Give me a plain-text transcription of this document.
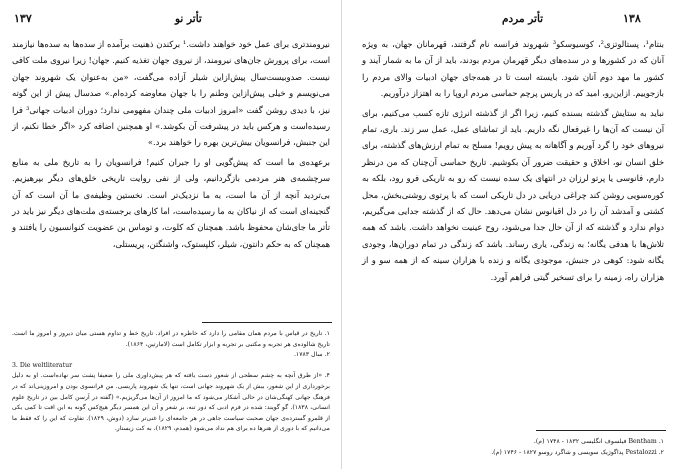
تأتر نو
۱۳۷

نیرومندتری برای عمل خود خواهند داشت.¹ برکندن ذهنیت برآمده از سده‌ها به سده‌ها نیازمند است، برای پرورش جان‌های نیرومند، از نیروی جهان تغذیه کنیم. جهان! زیرا نیروی ملت کافی نیست. صدوبیست‌سال پیش‌ازاین شیلر آزاده می‌گفت، «من به‌عنوان یک شهروند جهان می‌نویسم و خیلی پیش‌ازاین وطنم را با جهان معاوضه کرده‌ام.» صدسال پیش از این گوته نیز، با دیدی روشن گفت «امروز ادبیات ملی چندان مفهومی ندارد؛ دوران ادبیات جهانی³ فرا رسیده‌است و هرکس باید در پیشرفت آن بکوشد.» او همچنین اضافه کرد «اگر خطا نکنم، از این جنبش، فرانسویان بیش‌ترین بهره را خواهند برد.»

برعهده‌ی ما است که پیش‌گویی او را جبران کنیم! فرانسویان را به تاریخ ملی به منابع سرچشمه‌ی هنر مردمی بازگردانیم، ولی از نفی روایت تاریخی خلق‌های دیگر بپرهیزیم. بی‌تردید آنچه از آن ما است، به ما نزدیک‌تر است. نخستین وظیفه‌ی ما آن است که آن گنجینه‌ای است که از نیاکان به ما رسیده‌است، اما کارهای برجسته‌ی ملت‌های دیگر نیز باید در تأتر ما جای‌شان محفوظ باشد. همچنان که کلوت، و توماس بن عضویت کنوانسیون را یافتند و همچنان که به حکم دانتون، شیلر، کلپستوک، واشنگتن، پریستلی،

۱. تاریخ در قیاس با مردم همان مقامی را دارد که خاطره در افراد. تاریخ خط و تداوم هستی میان دیروز و امروز ما است. تاریخ شالوده‌ی هر تجربه و مکتبی بر تجربه و ابزار تکامل است (لامارتین، ۱۸۶۴).

۲. سال ۱۷۸۳.

3. Die weltliteratur

۴. «از طرق آنچه به چشم سطحی از شعور دست یافته که هر پیش‌داوری ملی را ضعیفا پشت سر نهاده‌است. او به دلیل برخورداری از این شعور، بیش از یک شهروند جهانی است، تنها یک شهروند پاریسی. من فرانسوی بودن و امروزینی‌اند که در فرهنگ جهانی کهنگی‌شان در حالی آشکار می‌شود که ما امروز از آن‌ها می‌گریزیم.» (گفته در آرسن کامل بین در تاریخ علوم انسانی، ۱۸۳۸). گو گویند: شده در فرم ادبی که دور تنه، بر شعر و آن این همسر دیگر هیچ‌کس گونه به این افت تا کمی یکی از قلمرو گسترده‌ی جهان صحبت سیاست جاهی در هر جامعه‌ای را غنی‌تر سازد (دوش، ۱۸۲۹). تفاوت که این را که فقط ما می‌دانیم که با دوری از هنرها ده برای هم نداد می‌شود (همدم، ۱۸۲۹)، به کت زیستار.

تأتر مردم	۱۳۸

بنتام¹، پستالوتزی²، کوسیوسکو³ شهروند فرانسه نام گرفتند، قهرمانان جهان، به ویژه آنان که در کشورها و در سده‌های دیگر قهرمان مردم بودند، باید از آن ما به شمار آیند و کشور ما مهد دوم آنان شود. بایسته است تا در همه‌جای جهان ادبیات والای مردم را بازجوییم. ازاین‌رو، امید که در پاریس پرچم حماسی مردم اروپا را به اهتزاز درآوریم.

نباید به ستایش گذشته بسنده کنیم، زیرا اگر از گذشته انرژی تازه کسب می‌کنیم، برای آن نیست که آن‌ها را غیرفعال نگه داریم. باید از تماشای عمل، عمل سر زند. باری، تمام نیروهای خود را گرد آوریم و آگاهانه به پیش رویم! مسلح به تمام ارزش‌های گذشته، برای خلق انسان نو، اخلاق و حقیقت ضرور آن بکوشیم. تاریخ حماسی آن‌چنان که من درنظر دارم، فانوسی یا پرتو لرزان در انتهای یک سده نیست که رو به تاریکی فرو رود، بلکه به کوره‌سویی روشن کند چراغی دریایی در دل تاریکی است که با پرتوی روشنی‌بخش، محل کشتی و آمدشد آن را در دل اقیانوس نشان می‌دهد. حال که از گذشته جدایی می‌گیریم، دوام ندارد و گذشته که از آن حال جدا می‌شود، روح عینیت نخواهد داشت. باشد که همه تلاش‌ها با هدفی یگانه؛ به زندگی، یاری رساند. باشد که زندگی در تمام دوران‌ها، وجودی یگانه شود: کوهی در جنبش، موجودی یگانه و زنده با هزاران سینه که از همه سو و از هزاران راه، زمینه را برای تسخیر گیتی فراهم آورد.

۱. Bentham فیلسوف انگلیسی ۱۸۳۲ - ۱۷۴۸ (م).

۲. Pestalozzi پداگوژیک سویسی و شاگرد روسو ۱۸۲۷ - ۱۷۴۶ (م).
